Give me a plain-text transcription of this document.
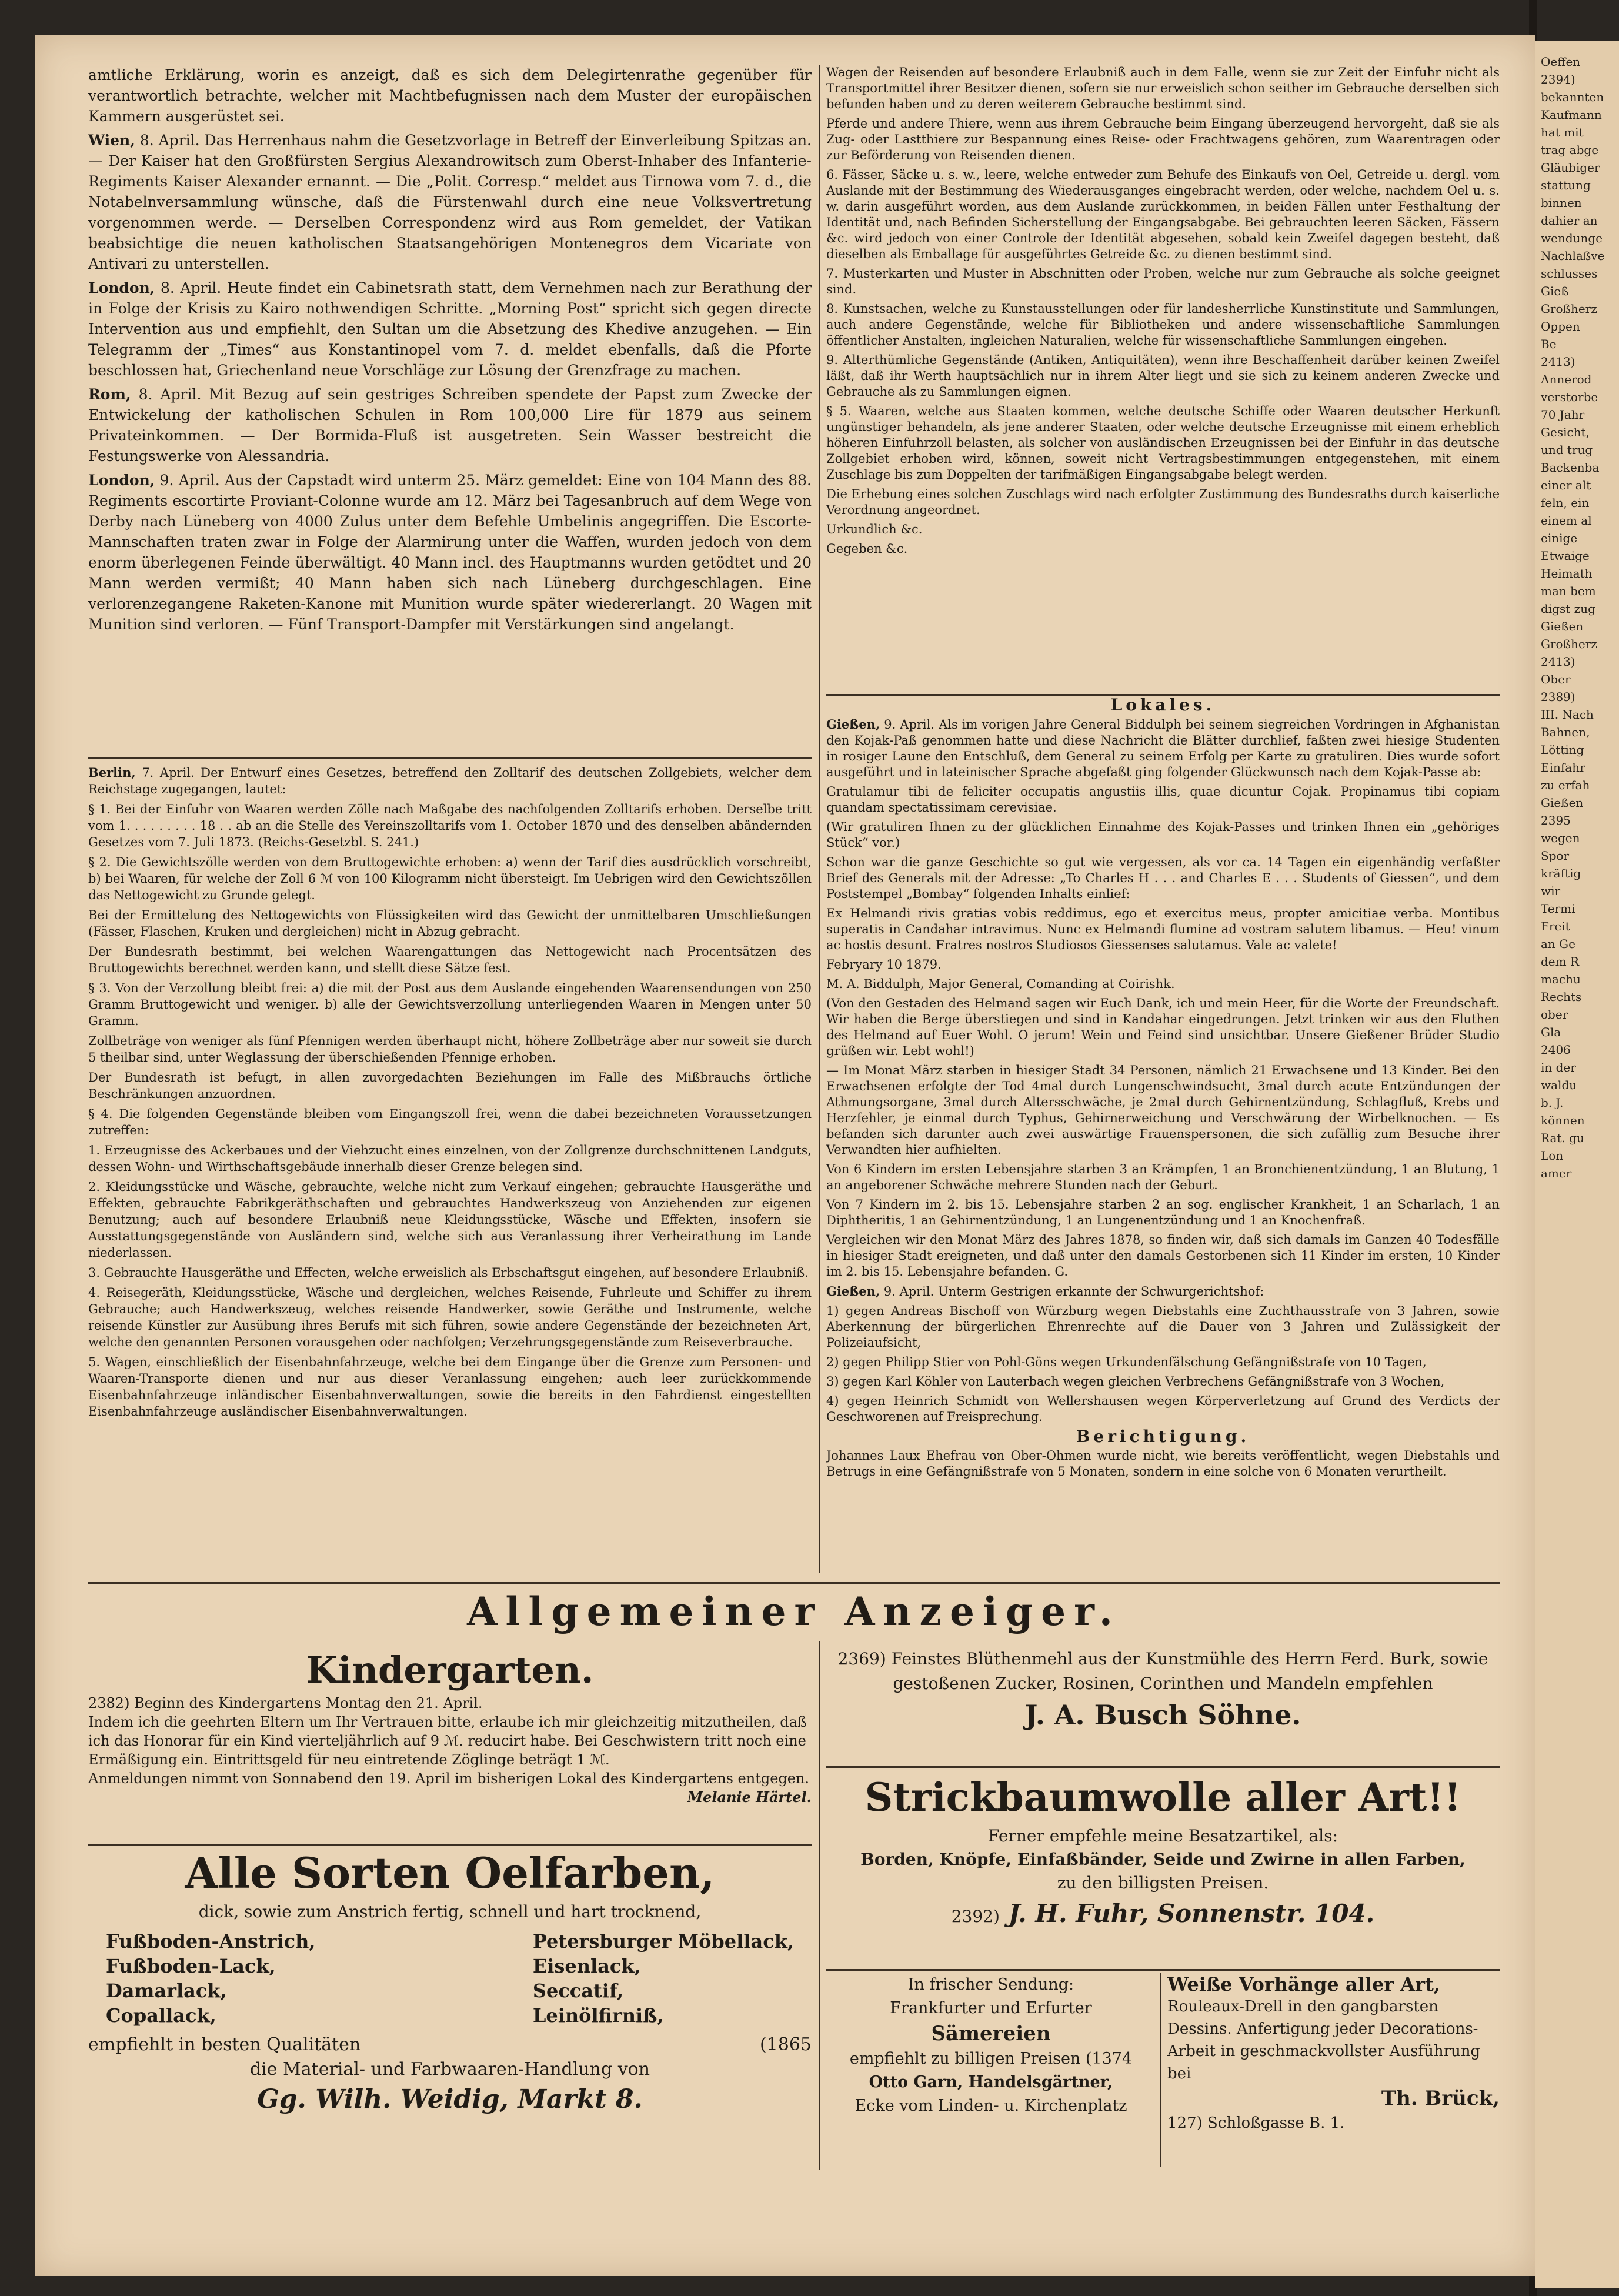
amtliche Erklärung, worin es anzeigt, daß es sich dem Delegirtenrathe gegenüber für verantwortlich betrachte, welcher mit Machtbefugnissen nach dem Muster der europäischen Kammern ausgerüstet sei.

Wien, 8. April. Das Herrenhaus nahm die Gesetzvorlage in Betreff der Einverleibung Spitzas an. — Der Kaiser hat den Großfürsten Sergius Alexandrowitsch zum Oberst-Inhaber des Infanterie-Regiments Kaiser Alexander ernannt. — Die „Polit. Corresp.“ meldet aus Tirnowa vom 7. d., die Notabelnversammlung wünsche, daß die Fürstenwahl durch eine neue Volksvertretung vorgenommen werde. — Derselben Correspondenz wird aus Rom gemeldet, der Vatikan beabsichtige die neuen katholischen Staatsangehörigen Montenegros dem Vicariate von Antivari zu unterstellen.

London, 8. April. Heute findet ein Cabinetsrath statt, dem Vernehmen nach zur Berathung der in Folge der Krisis zu Kairo nothwendigen Schritte. „Morning Post“ spricht sich gegen directe Intervention aus und empfiehlt, den Sultan um die Absetzung des Khedive anzugehen. — Ein Telegramm der „Times“ aus Konstantinopel vom 7. d. meldet ebenfalls, daß die Pforte beschlossen hat, Griechenland neue Vorschläge zur Lösung der Grenzfrage zu machen.

Rom, 8. April. Mit Bezug auf sein gestriges Schreiben spendete der Papst zum Zwecke der Entwickelung der katholischen Schulen in Rom 100,000 Lire für 1879 aus seinem Privateinkommen. — Der Bormida-Fluß ist ausgetreten. Sein Wasser bestreicht die Festungswerke von Alessandria.

London, 9. April. Aus der Capstadt wird unterm 25. März gemeldet: Eine von 104 Mann des 88. Regiments escortirte Proviant-Colonne wurde am 12. März bei Tagesanbruch auf dem Wege von Derby nach Lüneberg von 4000 Zulus unter dem Befehle Umbelinis angegriffen. Die Escorte-Mannschaften traten zwar in Folge der Alarmirung unter die Waffen, wurden jedoch von dem enorm überlegenen Feinde überwältigt. 40 Mann incl. des Hauptmanns wurden getödtet und 20 Mann werden vermißt; 40 Mann haben sich nach Lüneberg durchgeschlagen. Eine verlorenzegangene Raketen-Kanone mit Munition wurde später wiedererlangt. 20 Wagen mit Munition sind verloren. — Fünf Transport-Dampfer mit Verstärkungen sind angelangt.

Berlin, 7. April. Der Entwurf eines Gesetzes, betreffend den Zolltarif des deutschen Zollgebiets, welcher dem Reichstage zugegangen, lautet:

§ 1. Bei der Einfuhr von Waaren werden Zölle nach Maßgabe des nachfolgenden Zolltarifs erhoben. Derselbe tritt vom 1. . . . . . . . . 18 . . ab an die Stelle des Vereinszolltarifs vom 1. October 1870 und des denselben abändernden Gesetzes vom 7. Juli 1873. (Reichs-Gesetzbl. S. 241.)

§ 2. Die Gewichtszölle werden von dem Bruttogewichte erhoben: a) wenn der Tarif dies ausdrücklich vorschreibt, b) bei Waaren, für welche der Zoll 6 ℳ von 100 Kilogramm nicht übersteigt. Im Uebrigen wird den Gewichtszöllen das Nettogewicht zu Grunde gelegt.

Bei der Ermittelung des Nettogewichts von Flüssigkeiten wird das Gewicht der unmittelbaren Umschließungen (Fässer, Flaschen, Kruken und dergleichen) nicht in Abzug gebracht.

Der Bundesrath bestimmt, bei welchen Waarengattungen das Nettogewicht nach Procentsätzen des Bruttogewichts berechnet werden kann, und stellt diese Sätze fest.

§ 3. Von der Verzollung bleibt frei: a) die mit der Post aus dem Auslande eingehenden Waarensendungen von 250 Gramm Bruttogewicht und weniger. b) alle der Gewichtsverzollung unterliegenden Waaren in Mengen unter 50 Gramm.

Zollbeträge von weniger als fünf Pfennigen werden überhaupt nicht, höhere Zollbeträge aber nur soweit sie durch 5 theilbar sind, unter Weglassung der überschießenden Pfennige erhoben.

Der Bundesrath ist befugt, in allen zuvorgedachten Beziehungen im Falle des Mißbrauchs örtliche Beschränkungen anzuordnen.

§ 4. Die folgenden Gegenstände bleiben vom Eingangszoll frei, wenn die dabei bezeichneten Voraussetzungen zutreffen:

1. Erzeugnisse des Ackerbaues und der Viehzucht eines einzelnen, von der Zollgrenze durchschnittenen Landguts, dessen Wohn- und Wirthschaftsgebäude innerhalb dieser Grenze belegen sind.

2. Kleidungsstücke und Wäsche, gebrauchte, welche nicht zum Verkauf eingehen; gebrauchte Hausgeräthe und Effekten, gebrauchte Fabrikgeräthschaften und gebrauchtes Handwerkszeug von Anziehenden zur eigenen Benutzung; auch auf besondere Erlaubniß neue Kleidungsstücke, Wäsche und Effekten, insofern sie Ausstattungsgegenstände von Ausländern sind, welche sich aus Veranlassung ihrer Verheirathung im Lande niederlassen.

3. Gebrauchte Hausgeräthe und Effecten, welche erweislich als Erbschaftsgut eingehen, auf besondere Erlaubniß.

4. Reisegeräth, Kleidungsstücke, Wäsche und dergleichen, welches Reisende, Fuhrleute und Schiffer zu ihrem Gebrauche; auch Handwerkszeug, welches reisende Handwerker, sowie Geräthe und Instrumente, welche reisende Künstler zur Ausübung ihres Berufs mit sich führen, sowie andere Gegenstände der bezeichneten Art, welche den genannten Personen vorausgehen oder nachfolgen; Verzehrungsgegenstände zum Reiseverbrauche.

5. Wagen, einschließlich der Eisenbahnfahrzeuge, welche bei dem Eingange über die Grenze zum Personen- und Waaren-Transporte dienen und nur aus dieser Veranlassung eingehen; auch leer zurückkommende Eisenbahnfahrzeuge inländischer Eisenbahnverwaltungen, sowie die bereits in den Fahrdienst eingestellten Eisenbahnfahrzeuge ausländischer Eisenbahnverwaltungen.

Wagen der Reisenden auf besondere Erlaubniß auch in dem Falle, wenn sie zur Zeit der Einfuhr nicht als Transportmittel ihrer Besitzer dienen, sofern sie nur erweislich schon seither im Gebrauche derselben sich befunden haben und zu deren weiterem Gebrauche bestimmt sind.

Pferde und andere Thiere, wenn aus ihrem Gebrauche beim Eingang überzeugend hervorgeht, daß sie als Zug- oder Lastthiere zur Bespannung eines Reise- oder Frachtwagens gehören, zum Waarentragen oder zur Beförderung von Reisenden dienen.

6. Fässer, Säcke u. s. w., leere, welche entweder zum Behufe des Einkaufs von Oel, Getreide u. dergl. vom Auslande mit der Bestimmung des Wiederausganges eingebracht werden, oder welche, nachdem Oel u. s. w. darin ausgeführt worden, aus dem Auslande zurückkommen, in beiden Fällen unter Festhaltung der Identität und, nach Befinden Sicherstellung der Eingangsabgabe. Bei gebrauchten leeren Säcken, Fässern &c. wird jedoch von einer Controle der Identität abgesehen, sobald kein Zweifel dagegen besteht, daß dieselben als Emballage für ausgeführtes Getreide &c. zu dienen bestimmt sind.

7. Musterkarten und Muster in Abschnitten oder Proben, welche nur zum Gebrauche als solche geeignet sind.

8. Kunstsachen, welche zu Kunstausstellungen oder für landesherrliche Kunstinstitute und Sammlungen, auch andere Gegenstände, welche für Bibliotheken und andere wissenschaftliche Sammlungen öffentlicher Anstalten, ingleichen Naturalien, welche für wissenschaftliche Sammlungen eingehen.

9. Alterthümliche Gegenstände (Antiken, Antiquitäten), wenn ihre Beschaffenheit darüber keinen Zweifel läßt, daß ihr Werth hauptsächlich nur in ihrem Alter liegt und sie sich zu keinem anderen Zwecke und Gebrauche als zu Sammlungen eignen.

§ 5. Waaren, welche aus Staaten kommen, welche deutsche Schiffe oder Waaren deutscher Herkunft ungünstiger behandeln, als jene anderer Staaten, oder welche deutsche Erzeugnisse mit einem erheblich höheren Einfuhrzoll belasten, als solcher von ausländischen Erzeugnissen bei der Einfuhr in das deutsche Zollgebiet erhoben wird, können, soweit nicht Vertragsbestimmungen entgegenstehen, mit einem Zuschlage bis zum Doppelten der tarifmäßigen Eingangsabgabe belegt werden.

Die Erhebung eines solchen Zuschlags wird nach erfolgter Zustimmung des Bundesraths durch kaiserliche Verordnung angeordnet.

Urkundlich &c.

Gegeben &c.

Lokales.

Gießen, 9. April. Als im vorigen Jahre General Biddulph bei seinem siegreichen Vordringen in Afghanistan den Kojak-Paß genommen hatte und diese Nachricht die Blätter durchlief, faßten zwei hiesige Studenten in rosiger Laune den Entschluß, dem General zu seinem Erfolg per Karte zu gratuliren. Dies wurde sofort ausgeführt und in lateinischer Sprache abgefaßt ging folgender Glückwunsch nach dem Kojak-Passe ab:

Gratulamur tibi de feliciter occupatis angustiis illis, quae dicuntur Cojak. Propinamus tibi copiam quandam spectatissimam cerevisiae.

(Wir gratuliren Ihnen zu der glücklichen Einnahme des Kojak-Passes und trinken Ihnen ein „gehöriges Stück“ vor.)

Schon war die ganze Geschichte so gut wie vergessen, als vor ca. 14 Tagen ein eigenhändig verfaßter Brief des Generals mit der Adresse: „To Charles H . . . and Charles E . . . Students of Giessen“, und dem Poststempel „Bombay“ folgenden Inhalts einlief:

Ex Helmandi rivis gratias vobis reddimus, ego et exercitus meus, propter amicitiae verba. Montibus superatis in Candahar intravimus. Nunc ex Helmandi flumine ad vostram salutem libamus. — Heu! vinum ac hostis desunt. Fratres nostros Studiosos Giessenses salutamus. Vale ac valete!

Febryary 10 1879.

M. A. Biddulph, Major General, Comanding at Coirishk.

(Von den Gestaden des Helmand sagen wir Euch Dank, ich und mein Heer, für die Worte der Freundschaft. Wir haben die Berge überstiegen und sind in Kandahar eingedrungen. Jetzt trinken wir aus den Fluthen des Helmand auf Euer Wohl. O jerum! Wein und Feind sind unsichtbar. Unsere Gießener Brüder Studio grüßen wir. Lebt wohl!)

— Im Monat März starben in hiesiger Stadt 34 Personen, nämlich 21 Erwachsene und 13 Kinder. Bei den Erwachsenen erfolgte der Tod 4mal durch Lungenschwindsucht, 3mal durch acute Entzündungen der Athmungsorgane, 3mal durch Altersschwäche, je 2mal durch Gehirnentzündung, Schlagfluß, Krebs und Herzfehler, je einmal durch Typhus, Gehirnerweichung und Verschwärung der Wirbelknochen. — Es befanden sich darunter auch zwei auswärtige Frauenspersonen, die sich zufällig zum Besuche ihrer Verwandten hier aufhielten.

Von 6 Kindern im ersten Lebensjahre starben 3 an Krämpfen, 1 an Bronchienentzündung, 1 an Blutung, 1 an angeborener Schwäche mehrere Stunden nach der Geburt.

Von 7 Kindern im 2. bis 15. Lebensjahre starben 2 an sog. englischer Krankheit, 1 an Scharlach, 1 an Diphtheritis, 1 an Gehirnentzündung, 1 an Lungenentzündung und 1 an Knochenfraß.

Vergleichen wir den Monat März des Jahres 1878, so finden wir, daß sich damals im Ganzen 40 Todesfälle in hiesiger Stadt ereigneten, und daß unter den damals Gestorbenen sich 11 Kinder im ersten, 10 Kinder im 2. bis 15. Lebensjahre befanden. G.

Gießen, 9. April. Unterm Gestrigen erkannte der Schwurgerichtshof:

1) gegen Andreas Bischoff von Würzburg wegen Diebstahls eine Zuchthausstrafe von 3 Jahren, sowie Aberkennung der bürgerlichen Ehrenrechte auf die Dauer von 3 Jahren und Zulässigkeit der Polizeiaufsicht,

2) gegen Philipp Stier von Pohl-Göns wegen Urkundenfälschung Gefängnißstrafe von 10 Tagen,

3) gegen Karl Köhler von Lauterbach wegen gleichen Verbrechens Gefängnißstrafe von 3 Wochen,

4) gegen Heinrich Schmidt von Wellershausen wegen Körperverletzung auf Grund des Verdicts der Geschworenen auf Freisprechung.

Berichtigung.

Johannes Laux Ehefrau von Ober-Ohmen wurde nicht, wie bereits veröffentlicht, wegen Diebstahls und Betrugs in eine Gefängnißstrafe von 5 Monaten, sondern in eine solche von 6 Monaten verurtheilt.

Allgemeiner Anzeiger.

Kindergarten.

2382) Beginn des Kindergartens Montag den 21. April.

Indem ich die geehrten Eltern um Ihr Vertrauen bitte, erlaube ich mir gleichzeitig mitzutheilen, daß ich das Honorar für ein Kind vierteljährlich auf 9 ℳ. reducirt habe. Bei Geschwistern tritt noch eine Ermäßigung ein. Eintrittsgeld für neu eintretende Zöglinge beträgt 1 ℳ.

Anmeldungen nimmt von Sonnabend den 19. April im bisherigen Lokal des Kindergartens entgegen.

Melanie Härtel.

Alle Sorten Oelfarben,

dick, sowie zum Anstrich fertig, schnell und hart trocknend,

Fußboden-Anstrich,
Fußboden-Lack,
Damarlack,
Copallack,
Petersburger Möbellack,
Eisenlack,
Seccatif,
Leinölfirniß,

empfiehlt in besten Qualitäten	(1865

die Material- und Farbwaaren-Handlung von

Gg. Wilh. Weidig, Markt 8.

2369) Feinstes Blüthenmehl aus der Kunstmühle des Herrn Ferd. Burk, sowie gestoßenen Zucker, Rosinen, Corinthen und Mandeln empfehlen

J. A. Busch Söhne.

Strickbaumwolle aller Art!!

Ferner empfehle meine Besatzartikel, als:

Borden, Knöpfe, Einfaßbänder, Seide und Zwirne in allen Farben,

zu den billigsten Preisen.

2392) J. H. Fuhr, Sonnenstr. 104.

In frischer Sendung:

Frankfurter und Erfurter

Sämereien

empfiehlt zu billigen Preisen (1374

Otto Garn, Handelsgärtner,

Ecke vom Linden- u. Kirchenplatz

Weiße Vorhänge aller Art,

Rouleaux-Drell in den gangbarsten Dessins. Anfertigung jeder Decorations-Arbeit in geschmackvollster Ausführung bei

Th. Brück,

127) Schloßgasse B. 1.

Oeffen
2394)
bekannten
Kaufmann
hat mit
trag abge
Gläubiger
stattung
binnen
dahier an
wendunge
Nachlaßve
schlusses
Gieß
Großherz
Oppen
Be
2413)
Annerod
verstorbe
70 Jahr
Gesicht,
und trug
Backenba
einer alt
feln, ein
einem al
einige
Etwaige
Heimath
man bem
digst zug
Gießen
Großherz
2413)
Ober
2389)
III. Nach
Bahnen,
Lötting
Einfahr
zu erfah
Gießen
2395
wegen
Spor
kräftig
wir
Termi
Freit
an Ge
dem R
machu
Rechts
ober
Gla
2406
in der
waldu
b. J.
können
Rat. gu
Lon
amer
